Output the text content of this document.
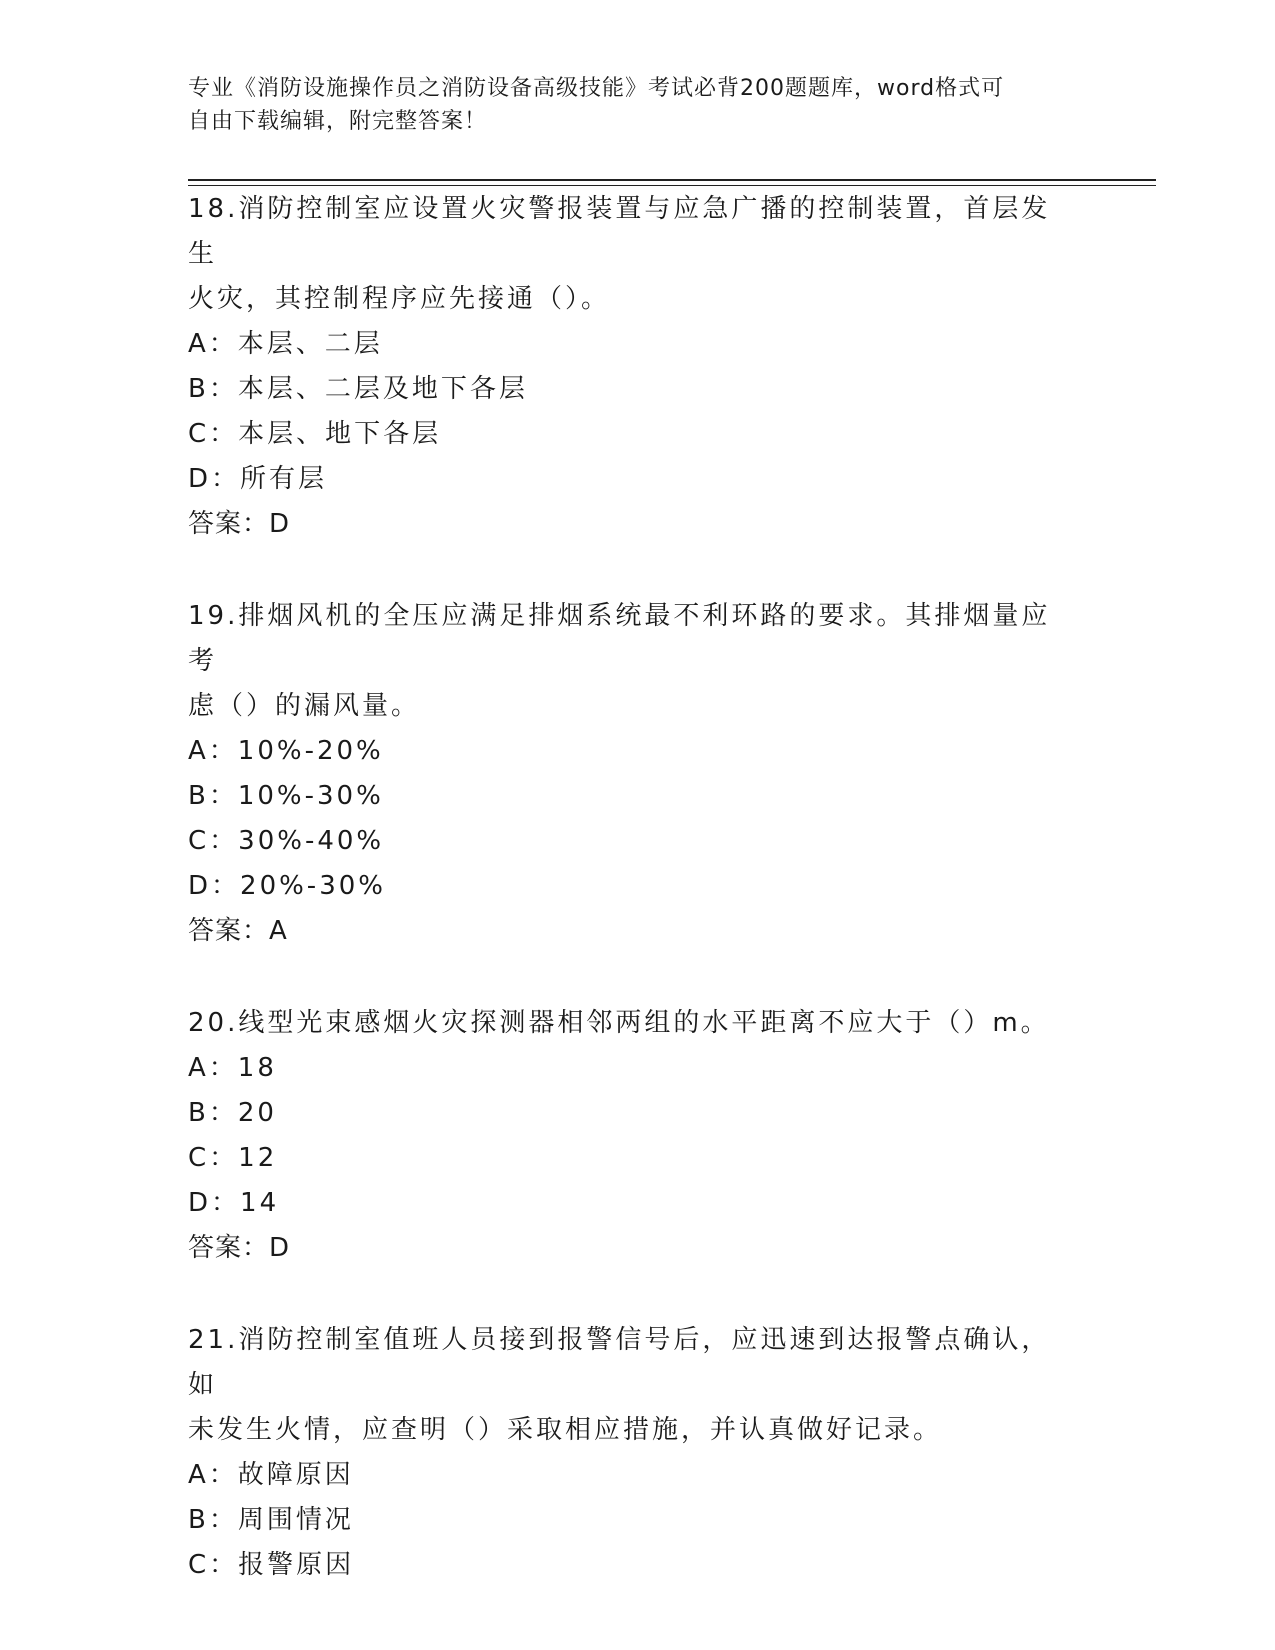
专业《消防设施操作员之消防设备高级技能》考试必背200题题库，word格式可
自由下载编辑，附完整答案！

18.消防控制室应设置火灾警报装置与应急广播的控制装置，首层发生
火灾，其控制程序应先接通（）。

A：本层、二层

B：本层、二层及地下各层

C：本层、地下各层

D：所有层

答案：D

19.排烟风机的全压应满足排烟系统最不利环路的要求。其排烟量应考
虑（）的漏风量。

A：10%-20%

B：10%-30%

C：30%-40%

D：20%-30%

答案：A

20.线型光束感烟火灾探测器相邻两组的水平距离不应大于（）m。

A：18

B：20

C：12

D：14

答案：D

21.消防控制室值班人员接到报警信号后，应迅速到达报警点确认，如
未发生火情，应查明（）采取相应措施，并认真做好记录。

A：故障原因

B：周围情况

C：报警原因
